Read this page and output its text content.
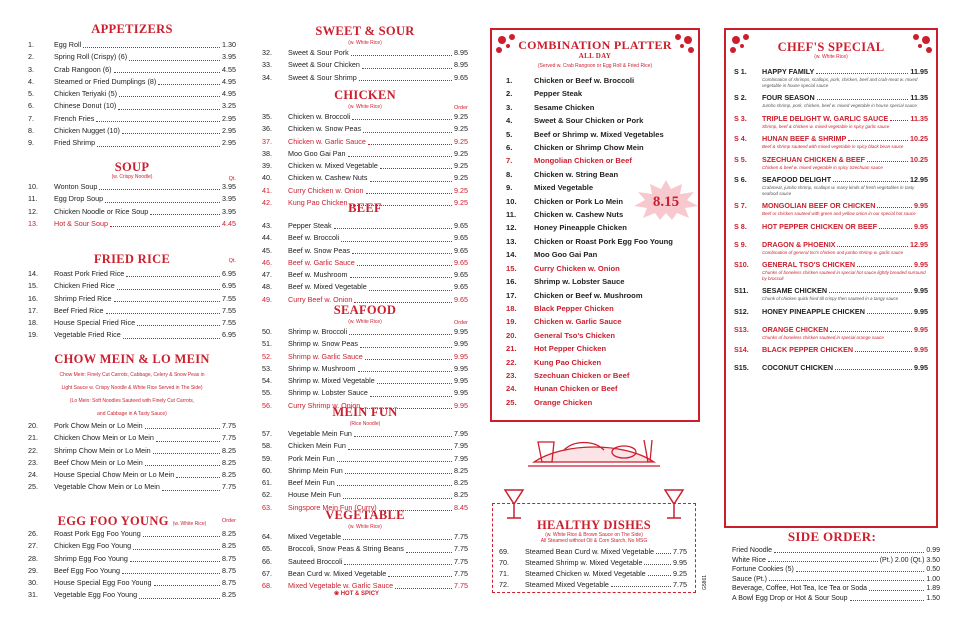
APPETIZERS
1.	Egg Roll	1.30
2.	Spring Roll (Crispy) (6)	3.95
3.	Crab Rangoon (6)	4.55
4.	Steamed or Fried Dumplings (8)	4.95
5.	Chicken Teriyaki (5)	4.95
6.	Chinese Donut (10)	3.25
7.	French Fries	2.95
8.	Chicken Nugget (10)	2.95
9.	Fried Shrimp	2.95
SOUP
(w. Crispy Noodle)	Qt.
10.	Wonton Soup	3.95
11.	Egg Drop Soup	3.95
12.	Chicken Noodle or Rice Soup	3.95
13.	Hot & Sour Soup	4.45
FRIED RICE	Qt.
14.	Roast Pork Fried Rice	6.95
15.	Chicken Fried Rice	6.95
16.	Shrimp Fried Rice	7.55
17.	Beef Fried Rice	7.55
18.	House Special Fried Rice	7.55
19.	Vegetable Fried Rice	6.95
CHOW MEIN & LO MEIN
Chow Mein: Finely Cut Carrots, Cabbage, Celery & Snow Peas in
Light Sauce w. Crispy Noodle & White Rice Served in The Side)
(Lo Mein: Soft Noodles Sauteed with Finely Cut Carrots,
and Cabbage in A Tasty Sauce)
20.	Pork Chow Mein or Lo Mein	7.75
21.	Chicken Chow Mein or Lo Mein	7.75
22.	Shrimp Chow Mein or Lo Mein	8.25
23.	Beef Chow Mein or Lo Mein	8.25
24.	House Special Chow Mein or Lo Mein	8.25
25.	Vegetable Chow Mein or Lo Mein	7.75
EGG FOO YOUNG (w. White Rice)	Order
26.	Roast Pork Egg Foo Young	8.25
27.	Chicken Egg Foo Young	8.25
28.	Shrimp Egg Foo Young	8.75
29.	Beef Egg Foo Young	8.75
30.	House Special Egg Foo Young	8.75
31.	Vegetable Egg Foo Young	8.25
SWEET & SOUR
(w. White Rice)
32.	Sweet & Sour Pork	8.95
33.	Sweet & Sour Chicken	8.95
34.	Sweet & Sour Shrimp	9.65
CHICKEN
(w. White Rice)	Order
35.	Chicken w. Broccoli	9.25
36.	Chicken w. Snow Peas	9.25
37.	Chicken w. Garlic Sauce	9.25
38.	Moo Goo Gai Pan	9.25
39.	Chicken w. Mixed Vegetable	9.25
40.	Chicken w. Cashew Nuts	9.25
41.	Curry Chicken w. Onion	9.25
42.	Kung Pao Chicken	9.25
BEEF
43.	Pepper Steak	9.65
44.	Beef w. Broccoli	9.65
45.	Beef w. Snow Peas	9.65
46.	Beef w. Garlic Sauce	9.65
47.	Beef w. Mushroom	9.65
48.	Beef w. Mixed Vegetable	9.65
49.	Curry Beef w. Onion	9.65
SEAFOOD
(w. White Rice)	Order
50.	Shrimp w. Broccoli	9.95
51.	Shrimp w. Snow Peas	9.95
52.	Shrimp w. Garlic Sauce	9.95
53.	Shrimp w. Mushroom	9.95
54.	Shrimp w. Mixed Vegetable	9.95
55.	Shrimp w. Lobster Sauce	9.95
56.	Curry Shrimp w. Onion	9.95
MEIN FUN
(Rice Noodle)
57.	Vegetable Mein Fun	7.95
58.	Chicken Mein Fun	7.95
59.	Pork Mein Fun	7.95
60.	Shrimp Mein Fun	8.25
61.	Beef Mein Fun	8.25
62.	House Mein Fun	8.25
63.	Singspore Mein Fun (Curry)	8.45
VEGETABLE
(w. White Rice)
64.	Mixed Vegetable	7.75
65.	Broccoli, Snow Peas & String Beans	7.75
66.	Sauteed Broccoli	7.75
67.	Bean Curd w. Mixed Vegetable	7.75
68.	Mixed Vegetable w. Garlic Sauce	7.75
❀ HOT & SPICY
COMBINATION PLATTER
ALL DAY
(Served w. Crab Rangoon or Egg Roll & Fried Rice)
1.	Chicken or Beef w. Broccoli
2.	Pepper Steak
3.	Sesame Chicken
4.	Sweet & Sour Chicken or Pork
5.	Beef or Shrimp w. Mixed Vegetables
6.	Chicken or Shrimp Chow Mein
7.	Mongolian Chicken or Beef
8.	Chicken w. String Bean
9.	Mixed Vegetable
10.	Chicken or Pork Lo Mein
11.	Chicken w. Cashew Nuts
12.	Honey Pineapple Chicken
13.	Chicken or Roast Pork Egg Foo Young
14.	Moo Goo Gai Pan
15.	Curry Chicken w. Onion
16.	Shrimp w. Lobster Sauce
17.	Chicken or Beef w. Mushroom
18.	Black Pepper Chicken
19.	Chicken w. Garlic Sauce
20.	General Tso's Chicken
21.	Hot Pepper Chicken
22.	Kung Pao Chicken
23.	Szechuan Chicken or Beef
24.	Hunan Chicken or Beef
25.	Orange Chicken
8.15
HEALTHY DISHES
(w. White Rice & Brown Sauce on The Side)
All Steamed without Oil & Corn Starch, No MSG
69.	Steamed Bean Curd w. Mixed Vegetable	7.75
70.	Steamed Shrimp w. Mixed Vegetable	9.95
71.	Steamed Chicken w. Mixed Vegetable	9.25
72.	Steamed Mixed Vegetable	7.75	G5861
CHEF'S SPECIAL
(w. White Rice)
S 1.	HAPPY FAMILY	11.95
Combination of shrimps, scallops, pork, chicken, beef and crab-meat w. mixed vegetable in house special sauce
S 2.	FOUR SEASON	11.35
Jumbo shrimp, pork, chicken, beef w. mixed vegetable in house special sauce
S 3.	TRIPLE DELIGHT W. GARLIC SAUCE	11.35
Shrimp, beef & chicken w. mixed vegetable in spicy garlic sauce
S 4.	HUNAN BEEF & SHRIMP	10.25
Beef & shrimp sauteed with mixed vegetable in spicy black bean sauce
S 5.	SZECHUAN CHICKEN & BEEF	10.25
Chicken & beef w. mixed vegetable in spicy Szechuan sauce
S 6.	SEAFOOD DELIGHT	12.95
Crabmeat, jumbo shrimp, scallops w. many kinds of fresh vegetables in tasty seafood sauce
S 7.	MONGOLIAN BEEF OR CHICKEN	9.95
Beef or chicken sauteed with green and yellow onion in our special hot sauce
S 8.	HOT PEPPER CHICKEN OR BEEF	9.95
S 9.	DRAGON & PHOENIX	12.95
Combination of general tso's chicken and jumbo shrimp w. garlic sauce
S10.	GENERAL TSO'S CHICKEN	9.95
Chunks of boneless chicken sauteed in special hot sauce lightly breaded surround by broccoli
S11.	SESAME CHICKEN	9.95
Chunk of chicken quick fried till crispy then sauteed in a tangy sauce
S12.	HONEY PINEAPPLE CHICKEN	9.95
S13.	ORANGE CHICKEN	9.95
Chunks of boneless chicken sauteed in special orange sauce
S14.	BLACK PEPPER CHICKEN	9.95
S15.	COCONUT CHICKEN	9.95
SIDE ORDER:
Fried Noodle	0.99
White Rice	(Pt.) 2.00 (Qt.) 3.50
Fortune Cookies (5)	0.50
Sauce (Pt.)	1.00
Beverage, Coffee, Hot Tea, Ice Tea or Soda	1.89
A Bowl Egg Drop or Hot & Sour Soup	1.50
